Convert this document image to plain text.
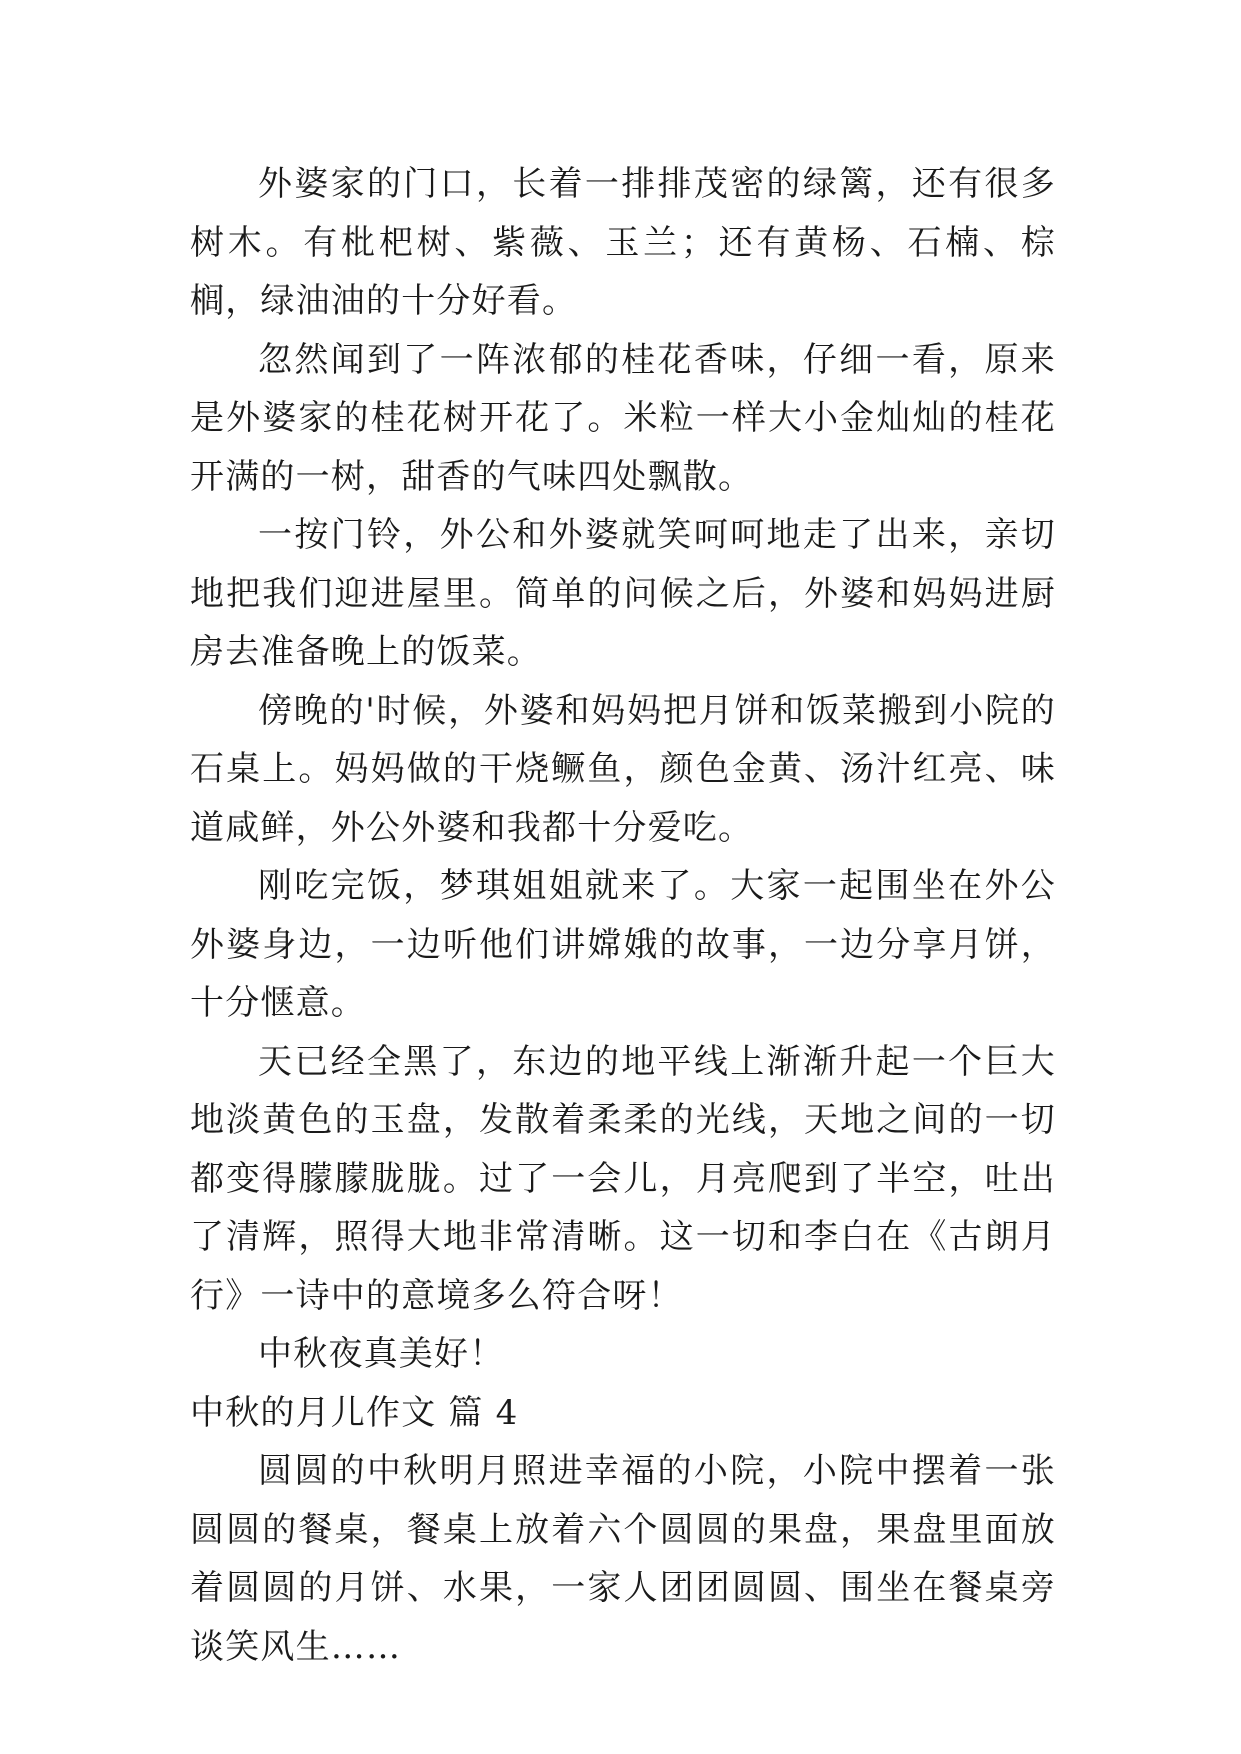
外婆家的门口，长着一排排茂密的绿篱，还有很多树木。有枇杷树、紫薇、玉兰；还有黄杨、石楠、棕榈，绿油油的十分好看。

忽然闻到了一阵浓郁的桂花香味，仔细一看，原来是外婆家的桂花树开花了。米粒一样大小金灿灿的桂花开满的一树，甜香的气味四处飘散。

一按门铃，外公和外婆就笑呵呵地走了出来，亲切地把我们迎进屋里。简单的问候之后，外婆和妈妈进厨房去准备晚上的饭菜。

傍晚的'时候，外婆和妈妈把月饼和饭菜搬到小院的石桌上。妈妈做的干烧鳜鱼，颜色金黄、汤汁红亮、味道咸鲜，外公外婆和我都十分爱吃。

刚吃完饭，梦琪姐姐就来了。大家一起围坐在外公外婆身边，一边听他们讲嫦娥的故事，一边分享月饼，十分惬意。

天已经全黑了，东边的地平线上渐渐升起一个巨大地淡黄色的玉盘，发散着柔柔的光线，天地之间的一切都变得朦朦胧胧。过了一会儿，月亮爬到了半空，吐出了清辉，照得大地非常清晰。这一切和李白在《古朗月行》一诗中的意境多么符合呀！

中秋夜真美好！

中秋的月儿作文 篇 4

圆圆的中秋明月照进幸福的小院，小院中摆着一张圆圆的餐桌，餐桌上放着六个圆圆的果盘，果盘里面放着圆圆的月饼、水果，一家人团团圆圆、围坐在餐桌旁谈笑风生……
